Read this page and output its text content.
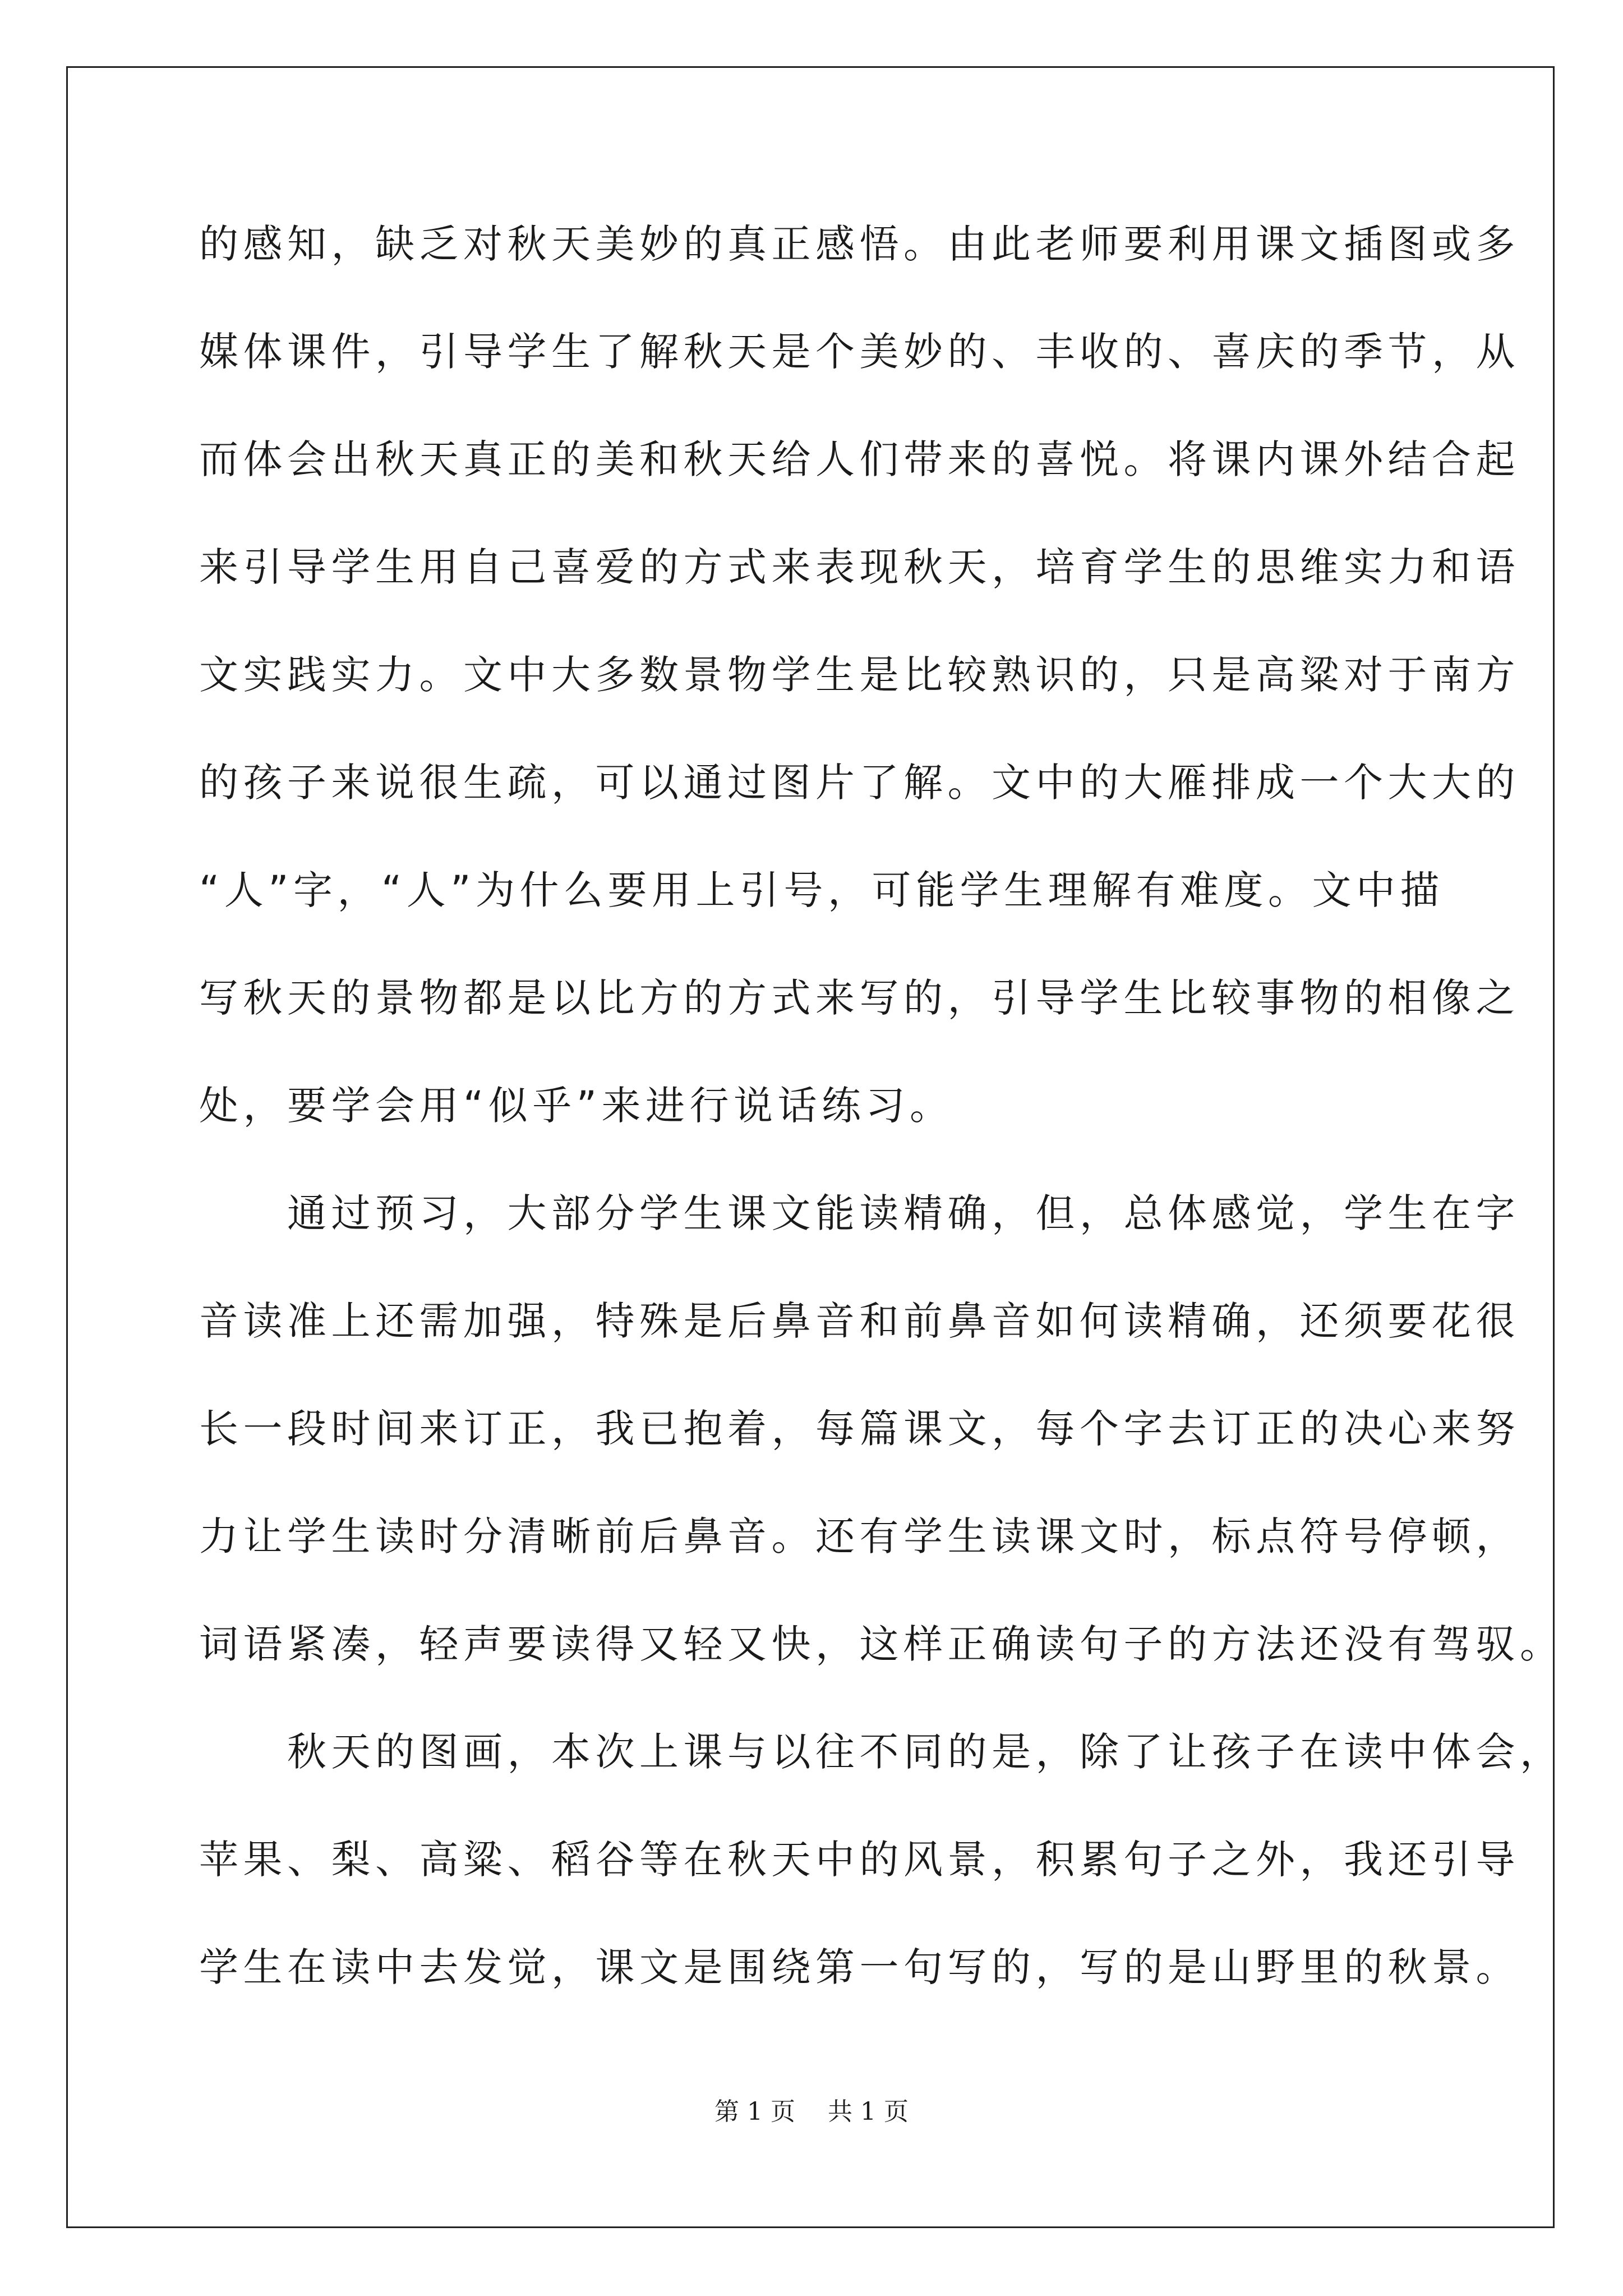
的感知，缺乏对秋天美妙的真正感悟。由此老师要利用课文插图或多

媒体课件，引导学生了解秋天是个美妙的、丰收的、喜庆的季节，从

而体会出秋天真正的美和秋天给人们带来的喜悦。将课内课外结合起

来引导学生用自己喜爱的方式来表现秋天，培育学生的思维实力和语

文实践实力。文中大多数景物学生是比较熟识的，只是高粱对于南方

的孩子来说很生疏，可以通过图片了解。文中的大雁排成一个大大的

“人”字，“人”为什么要用上引号，可能学生理解有难度。文中描

写秋天的景物都是以比方的方式来写的，引导学生比较事物的相像之

处，要学会用“似乎”来进行说话练习。

　　通过预习，大部分学生课文能读精确，但，总体感觉，学生在字

音读准上还需加强，特殊是后鼻音和前鼻音如何读精确，还须要花很

长一段时间来订正，我已抱着，每篇课文，每个字去订正的决心来努

力让学生读时分清晰前后鼻音。还有学生读课文时，标点符号停顿，

词语紧凑，轻声要读得又轻又快，这样正确读句子的方法还没有驾驭。

　　秋天的图画，本次上课与以往不同的是，除了让孩子在读中体会，

苹果、梨、高粱、稻谷等在秋天中的风景，积累句子之外，我还引导

学生在读中去发觉，课文是围绕第一句写的，写的是山野里的秋景。

第 1 页　 共 1 页
